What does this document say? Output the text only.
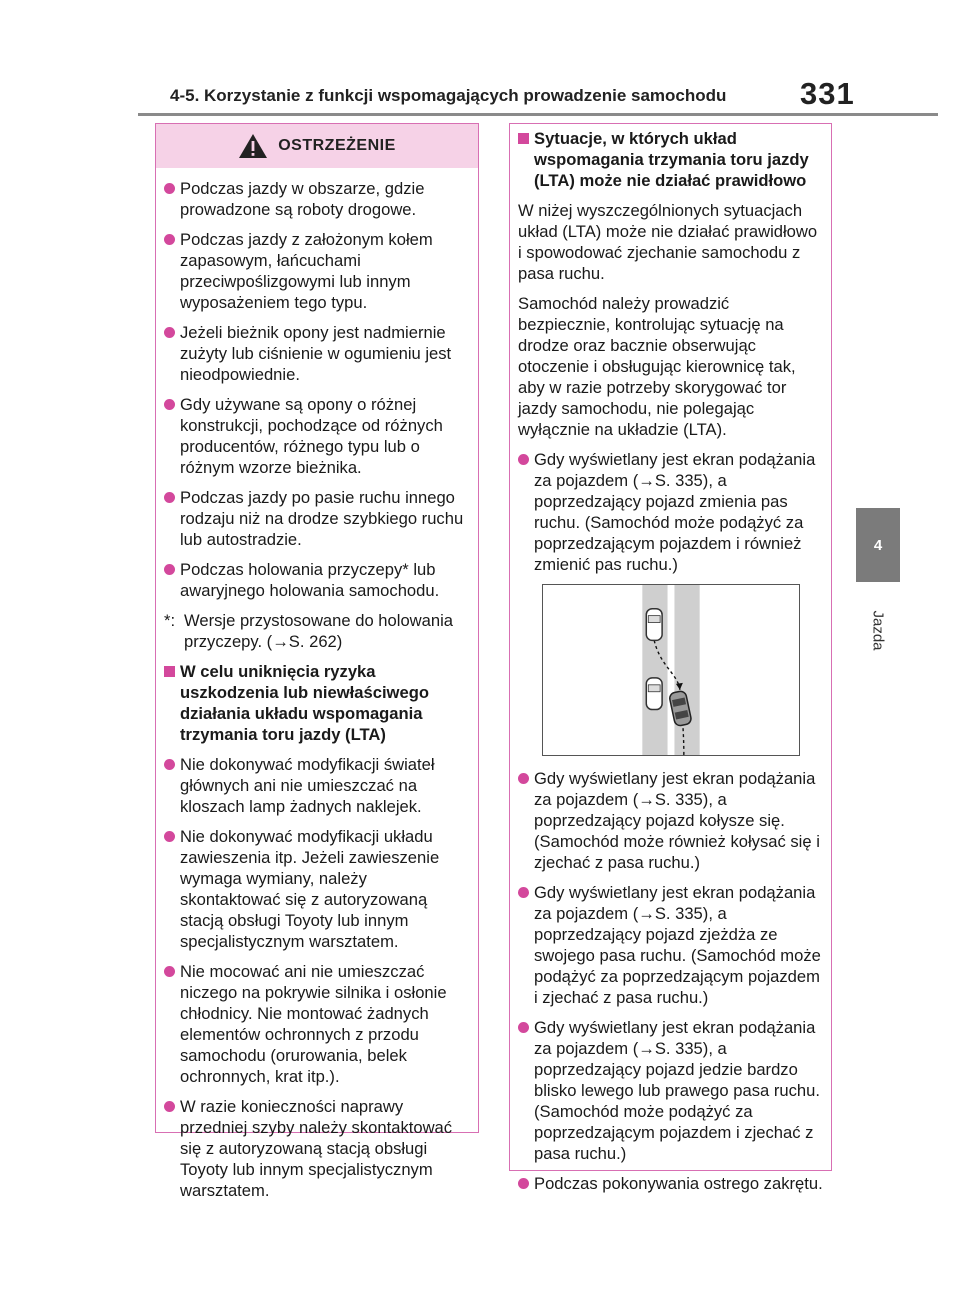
4-5. Korzystanie z funkcji wspomagających prowadzenie samochodu 331
4
Jazda
OSTRZEŻENIE

Podczas jazdy w obszarze, gdzie prowadzone są roboty drogowe.

Podczas jazdy z założonym kołem zapasowym, łańcuchami przeciwpoślizgowymi lub innym wyposażeniem tego typu.

Jeżeli bieżnik opony jest nadmiernie zużyty lub ciśnienie w ogumieniu jest nieodpowiednie.

Gdy używane są opony o różnej konstrukcji, pochodzące od różnych producentów, różnego typu lub o różnym wzorze bieżnika.

Podczas jazdy po pasie ruchu innego rodzaju niż na drodze szybkiego ruchu lub autostradzie.

Podczas holowania przyczepy* lub awaryjnego holowania samochodu.

*: Wersje przystosowane do holowania przyczepy. (→S. 262)

W celu uniknięcia ryzyka uszkodzenia lub niewłaściwego działania układu wspomagania trzymania toru jazdy (LTA)

Nie dokonywać modyfikacji świateł głównych ani nie umieszczać na kloszach lamp żadnych naklejek.

Nie dokonywać modyfikacji układu zawieszenia itp. Jeżeli zawieszenie wymaga wymiany, należy skontaktować się z autoryzowaną stacją obsługi Toyoty lub innym specjalistycznym warsztatem.

Nie mocować ani nie umieszczać niczego na pokrywie silnika i osłonie chłodnicy. Nie montować żadnych elementów ochronnych z przodu samochodu (orurowania, belek ochronnych, krat itp.).

W razie konieczności naprawy przedniej szyby należy skontaktować się z autoryzowaną stacją obsługi Toyoty lub innym specjalistycznym warsztatem.

Sytuacje, w których układ wspomagania trzymania toru jazdy (LTA) może nie działać prawidłowo

W niżej wyszczególnionych sytuacjach układ (LTA) może nie działać prawidłowo i spowodować zjechanie samochodu z pasa ruchu.

Samochód należy prowadzić bezpiecznie, kontrolując sytuację na drodze oraz bacznie obserwując otoczenie i obsługując kierownicę tak, aby w razie potrzeby skorygować tor jazdy samochodu, nie polegając wyłącznie na układzie (LTA).

Gdy wyświetlany jest ekran podążania za pojazdem (→S. 335), a poprzedzający pojazd zmienia pas ruchu. (Samochód może podążyć za poprzedzającym pojazdem i również zmienić pas ruchu.)

Gdy wyświetlany jest ekran podążania za pojazdem (→S. 335), a poprzedzający pojazd kołysze się. (Samochód może również kołysać się i zjechać z pasa ruchu.)

Gdy wyświetlany jest ekran podążania za pojazdem (→S. 335), a poprzedzający pojazd zjeżdża ze swojego pasa ruchu. (Samochód może podążyć za poprzedzającym pojazdem i zjechać z pasa ruchu.)

Gdy wyświetlany jest ekran podążania za pojazdem (→S. 335), a poprzedzający pojazd jedzie bardzo blisko lewego lub prawego pasa ruchu. (Samochód może podążyć za poprzedzającym pojazdem i zjechać z pasa ruchu.)

Podczas pokonywania ostrego zakrętu.
